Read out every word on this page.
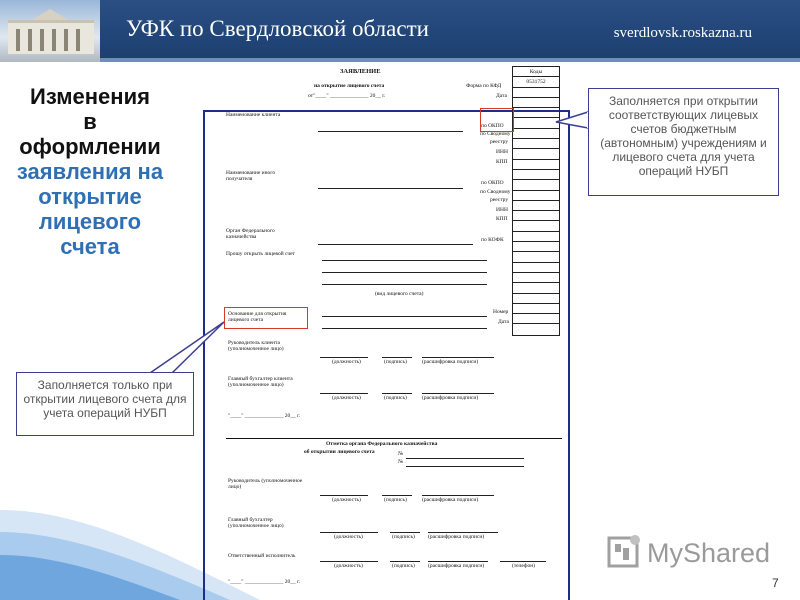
УФК по Свердловской области	sverdlovsk.roskazna.ru
Изменения
в
оформлении
заявления на
открытие
лицевого
счета
ЗАЯВЛЕНИЕ
на открытие лицевого счета
от"____" ______________ 20__ г.
Форма по КФД
Дата
Коды
0531752
Наименование клиента
по ОКПО
по Сводному
реестру
ИНН
КПП
Наименование иного получателя
по ОКПО
по Сводному
реестру
ИНН
КПП
Орган Федерального казначейства	по КОФК
Прошу открыть лицевой счет
(вид лицевого счета)
Основание для открытия лицевого счета
Номер
Дата
Руководитель клиента (уполномоченное лицо)
(должность)	(подпись)	(расшифровка подписи)
Главный бухгалтер клиента (уполномоченное лицо)
(должность)	(подпись)	(расшифровка подписи)
"____" ______________ 20__ г.
Отметка органа Федерального казначейства
об открытии лицевого счета	№
№
Руководитель (уполномоченное лицо)
(должность)	(подпись)	(расшифровка подписи)
Главный бухгалтер (уполномоченное лицо)
(должность)	(подпись) (расшифровка подписи)
Ответственный исполнитель
(должность)	(подпись) (расшифровка подписи)	(телефон)
"____" ______________ 20__ г.
Заполняется при открытии соответствующих лицевых счетов бюджетным (автономным) учреждениям и лицевого счета для учета операций НУБП
Заполняется только при открытии лицевого счета для учета операций НУБП
MyShared
7
